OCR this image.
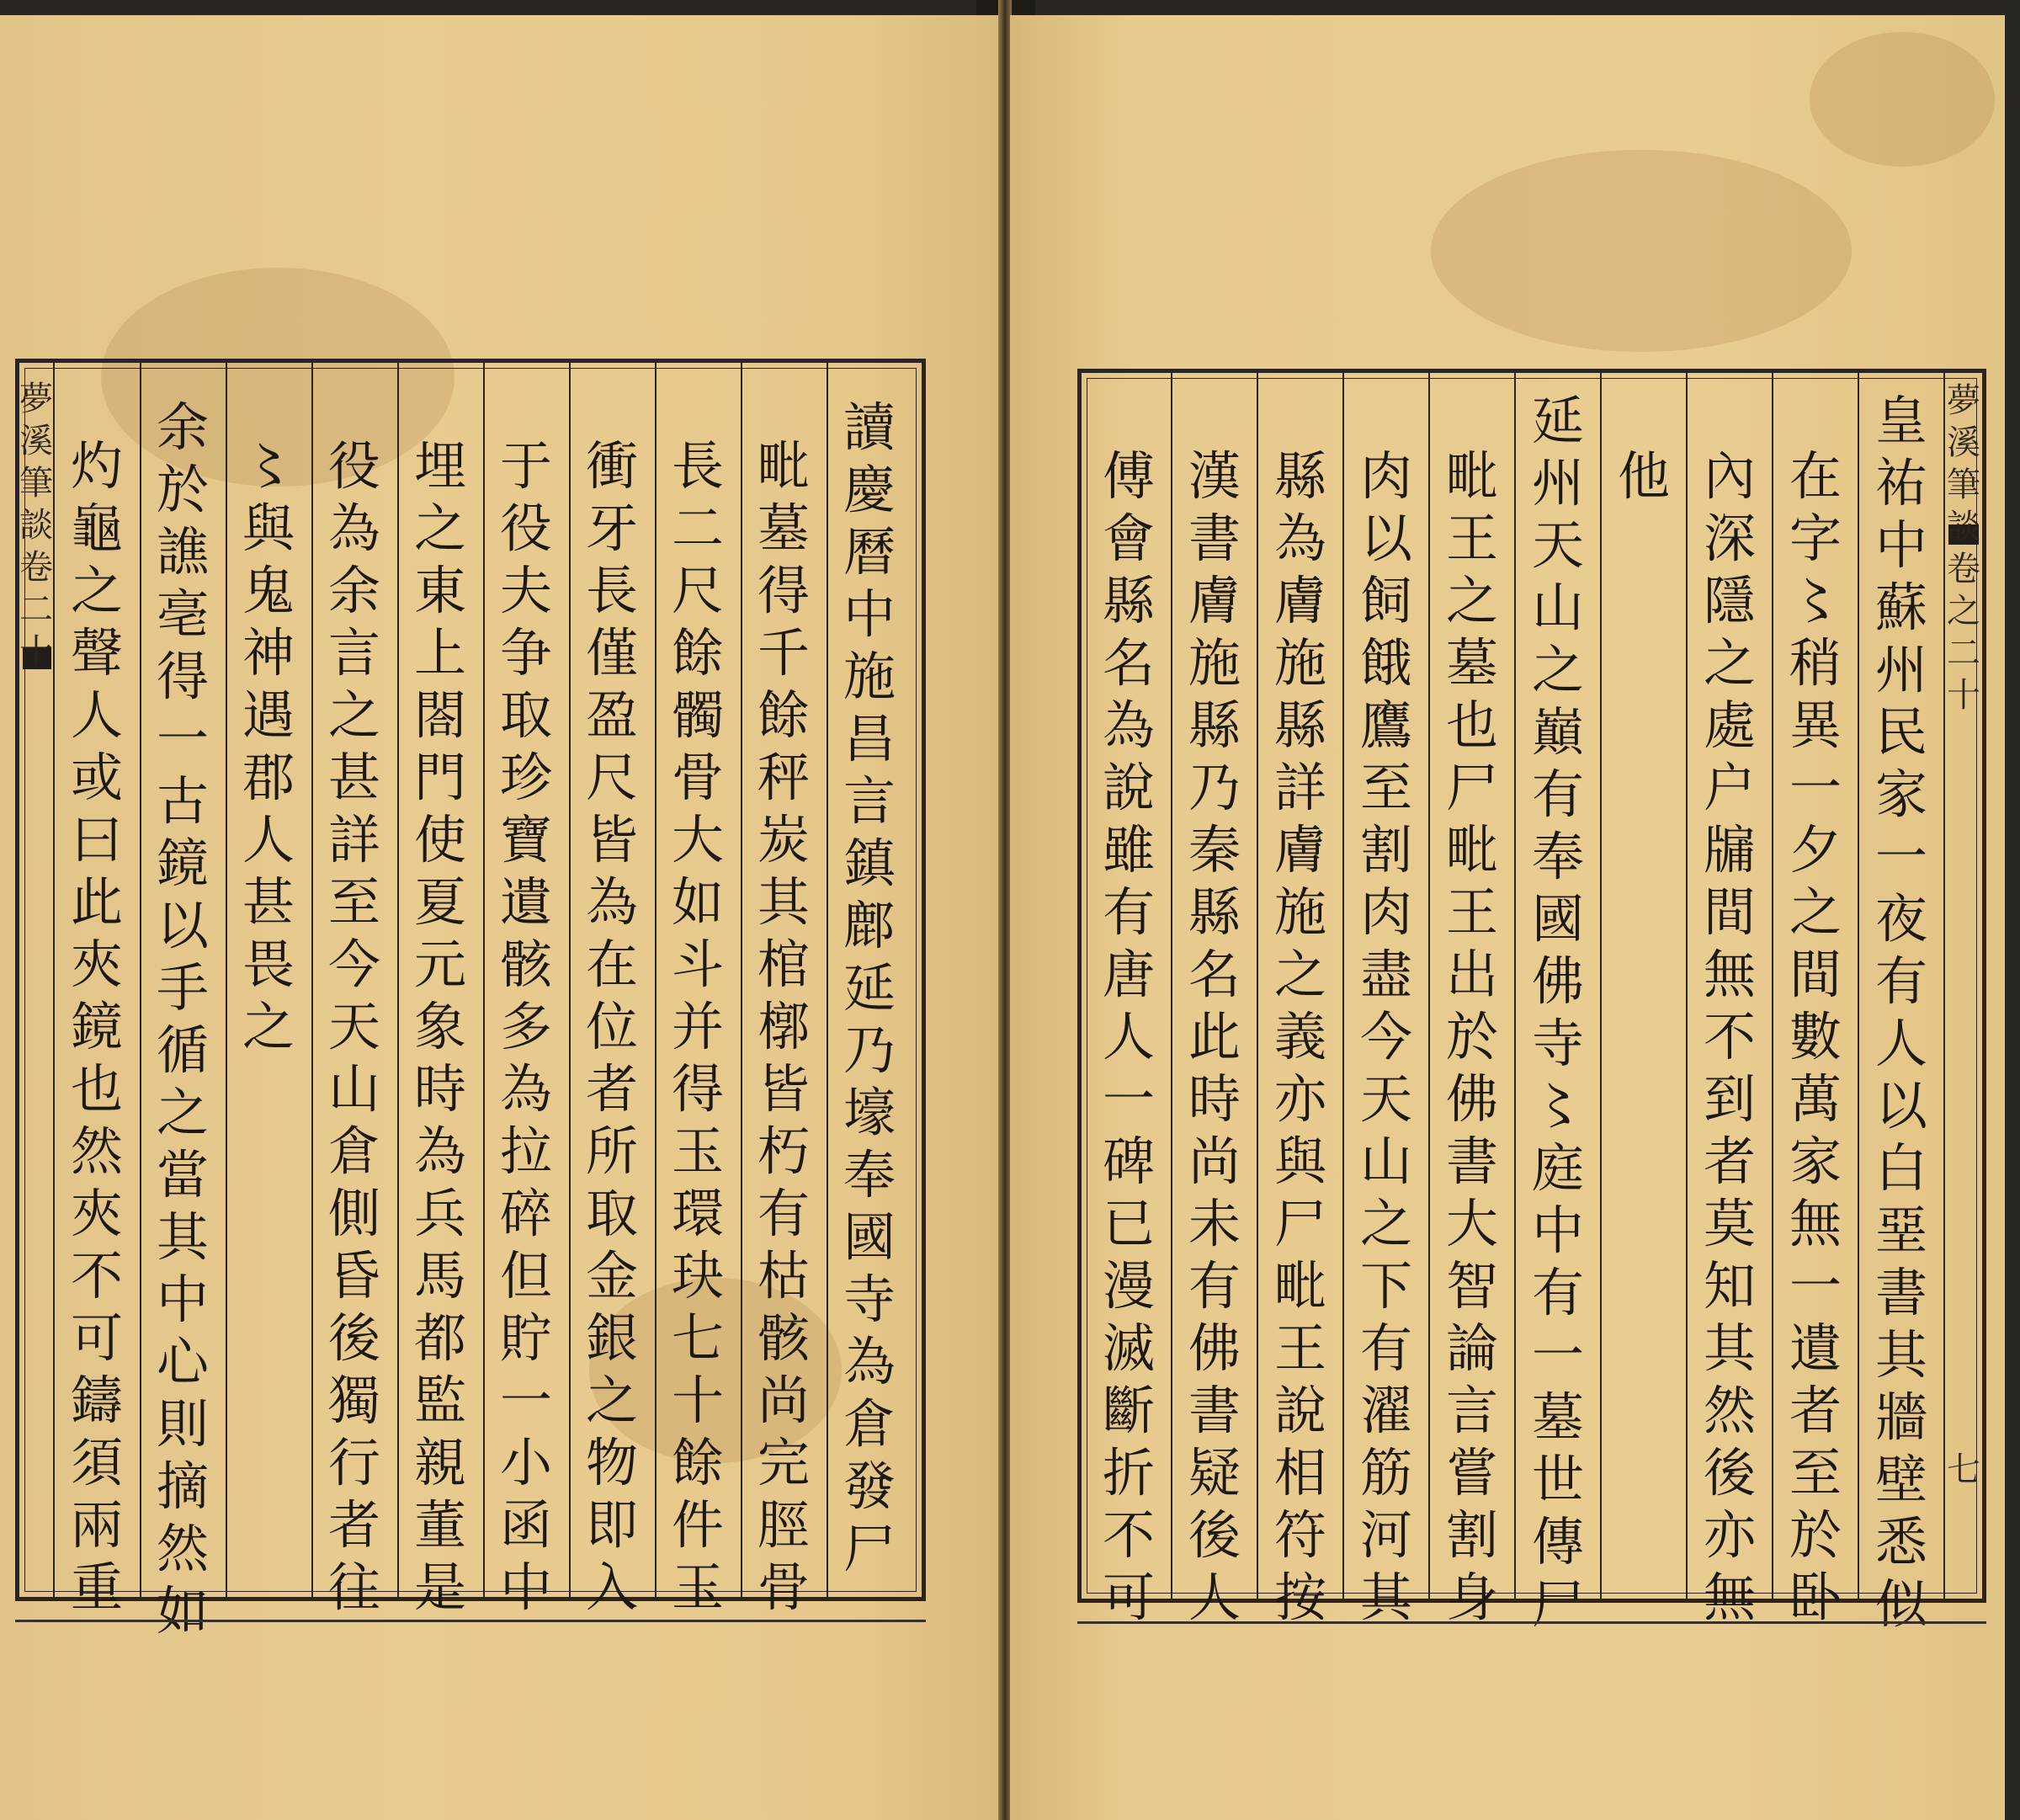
夢
溪
筆
談
卷
二
十
讀
慶
曆
中
施
昌
言
鎮
鄜
延
乃
壕
奉
國
寺
為
倉
發
尸
毗
墓
得
千
餘
秤
炭
其
棺
槨
皆
朽
有
枯
骸
尚
完
脛
骨
長
二
尺
餘
髑
骨
大
如
斗
并
得
玉
環
玦
七
十
餘
件
玉
衝
牙
長
僅
盈
尺
皆
為
在
位
者
所
取
金
銀
之
物
即
入
于
役
夫
争
取
珍
寶
遺
骸
多
為
拉
碎
但
貯
一
小
函
中
埋
之
東
上
閤
門
使
夏
元
象
時
為
兵
馬
都
監
親
董
是
役
為
余
言
之
甚
詳
至
今
天
山
倉
側
昏
後
獨
行
者
往
〻
與
鬼
神
遇
郡
人
甚
畏
之
余
於
譙
亳
得
一
古
鏡
以
手
循
之
當
其
中
心
則
摘
然
如
灼
龜
之
聲
人
或
曰
此
夾
鏡
也
然
夾
不
可
鑄
須
兩
重
夢
溪
筆
談
卷
之
二
十
七
皇
祐
中
蘇
州
民
家
一
夜
有
人
以
白
堊
書
其
牆
壁
悉
似
在
字
〻
稍
異
一
夕
之
間
數
萬
家
無
一
遺
者
至
於
卧
內
深
隱
之
處
户
牖
間
無
不
到
者
莫
知
其
然
後
亦
無
他
延
州
天
山
之
巔
有
奉
國
佛
寺
〻
庭
中
有
一
墓
世
傳
尸
毗
王
之
墓
也
尸
毗
王
出
於
佛
書
大
智
論
言
嘗
割
身
肉
以
飼
餓
鷹
至
割
肉
盡
今
天
山
之
下
有
濯
筋
河
其
縣
為
膚
施
縣
詳
膚
施
之
義
亦
與
尸
毗
王
說
相
符
按
漢
書
膚
施
縣
乃
秦
縣
名
此
時
尚
未
有
佛
書
疑
後
人
傅
會
縣
名
為
說
雖
有
唐
人
一
碑
已
漫
滅
斷
折
不
可
